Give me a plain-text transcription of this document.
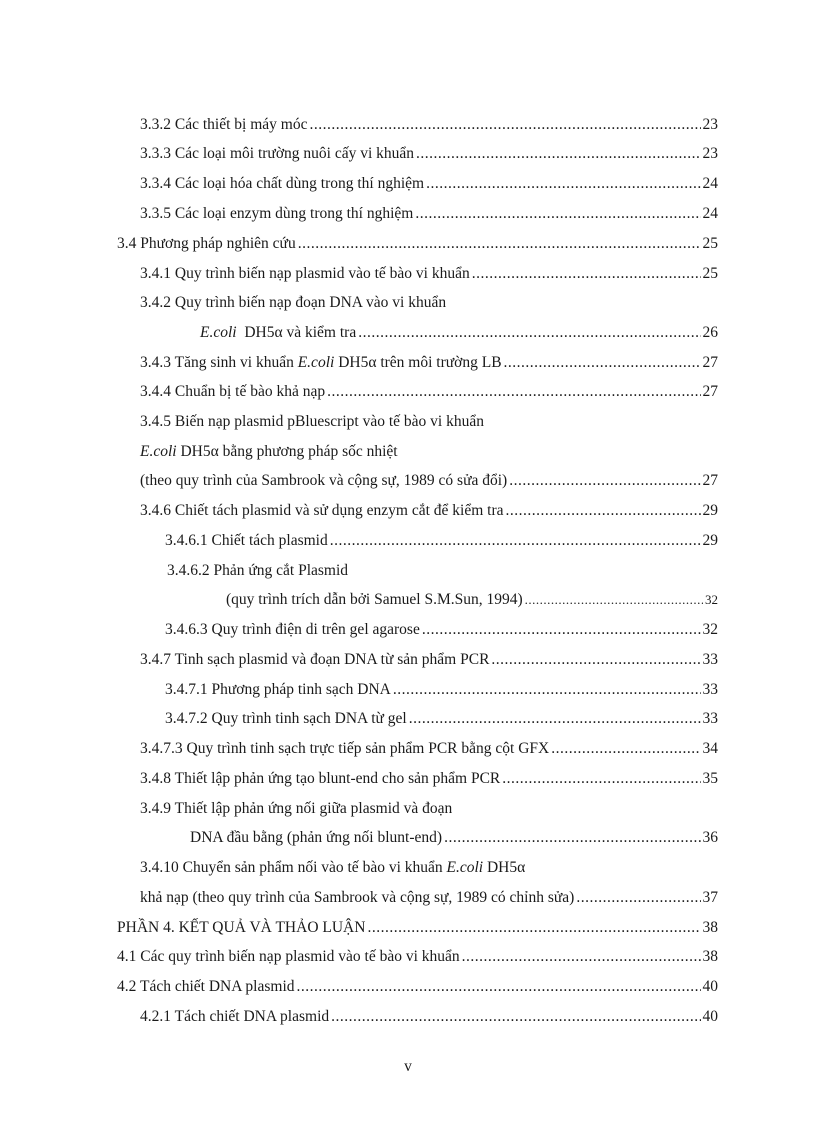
3.3.2 Các thiết bị máy móc .....	23
3.3.3 Các loại môi trường nuôi cấy vi khuẩn .....	23
3.3.4 Các loại hóa chất dùng trong thí nghiệm .....	24
3.3.5 Các loại enzym dùng trong thí nghiệm .....	24
3.4 Phương pháp nghiên cứu .....	25
3.4.1 Quy trình biến nạp plasmid vào tế bào vi khuẩn .....	25
3.4.2 Quy trình biến nạp đoạn DNA vào vi khuẩn
E.coli  DH5α và kiểm tra .....	26
3.4.3 Tăng sinh vi khuẩn E.coli DH5α trên môi trường LB .....	27
3.4.4 Chuẩn bị tế bào khả nạp .....	27
3.4.5 Biến nạp plasmid pBluescript vào tế bào vi khuẩn
E.coli DH5α bằng phương pháp sốc nhiệt
(theo quy trình của Sambrook và cộng sự, 1989 có sửa đổi) .....	27
3.4.6 Chiết tách plasmid và sử dụng enzym cắt để kiểm tra .....	29
3.4.6.1 Chiết tách plasmid .....	29
3.4.6.2 Phản ứng cắt Plasmid
(quy trình trích dẫn bởi Samuel S.M.Sun, 1994) .....	32
3.4.6.3 Quy trình điện di trên gel agarose .....	32
3.4.7 Tinh sạch plasmid và đoạn DNA từ sản phẩm PCR .....	33
3.4.7.1 Phương pháp tinh sạch DNA .....	33
3.4.7.2 Quy trình tinh sạch DNA từ gel .....	33
3.4.7.3 Quy trình tinh sạch trực tiếp sản phẩm PCR bằng cột GFX .....	34
3.4.8 Thiết lập phản ứng tạo blunt-end cho sản phẩm PCR .....	35
3.4.9 Thiết lập phản ứng nối giữa plasmid và đoạn
DNA đầu bằng (phản ứng nối blunt-end) .....	36
3.4.10 Chuyển sản phẩm nối vào tế bào vi khuẩn E.coli DH5α
khả nạp (theo quy trình của Sambrook và cộng sự, 1989 có chỉnh sửa) .....	37
PHẦN 4. KẾT QUẢ VÀ THẢO LUẬN .....	38
4.1 Các quy trình biến nạp plasmid vào tế bào vi khuẩn .....	38
4.2 Tách chiết DNA plasmid .....	40
4.2.1 Tách chiết DNA plasmid .....	40
v
